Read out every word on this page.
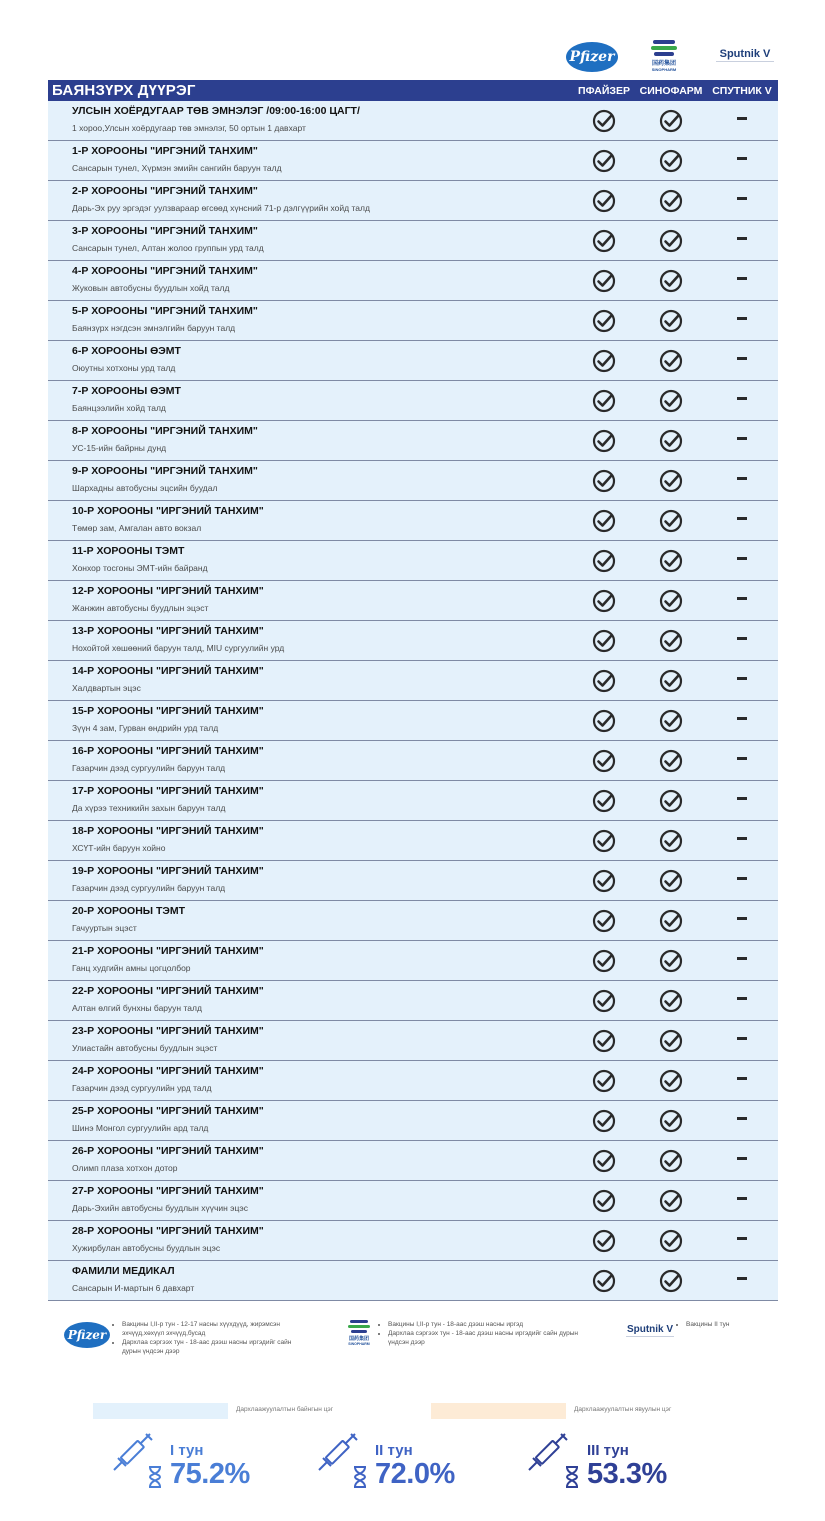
Pfizer	国药集团
SINOPHARM
Sputnik V
БАЯНЗҮРХ ДҮҮРЭГ	ПФАЙЗЕР СИНОФАРМ СПУТНИК V
УЛСЫН ХОЁРДУГААР ТӨВ ЭМНЭЛЭГ /09:00-16:00 ЦАГТ/
1 хороо,Улсын хоёрдугаар төв эмнэлэг, 50 ортын 1 давхарт
1-Р ХОРООНЫ "ИРГЭНИЙ ТАНХИМ"
Сансарын тунел, Хүрмэн эмийн сангийн баруун талд
2-Р ХОРООНЫ "ИРГЭНИЙ ТАНХИМ"
Дарь-Эх руу эргэдэг уулзвараар өгсөөд хүнсний 71-р дэлгүүрийн хойд талд
3-Р ХОРООНЫ "ИРГЭНИЙ ТАНХИМ"
Сансарын тунел, Алтан жолоо группын урд талд
4-Р ХОРООНЫ "ИРГЭНИЙ ТАНХИМ"
Жуковын автобусны буудлын хойд талд
5-Р ХОРООНЫ "ИРГЭНИЙ ТАНХИМ"
Баянзүрх нэгдсэн эмнэлгийн баруун талд
6-Р ХОРООНЫ ӨЭМТ
Оюутны хотхоны урд талд
7-Р ХОРООНЫ ӨЭМТ
Баянцээлийн хойд талд
8-Р ХОРООНЫ "ИРГЭНИЙ ТАНХИМ"
УС-15-ийн байрны дунд
9-Р ХОРООНЫ "ИРГЭНИЙ ТАНХИМ"
Шархадны автобусны эцсийн буудал
10-Р ХОРООНЫ "ИРГЭНИЙ ТАНХИМ"
Төмөр зам, Амгалан авто вокзал
11-Р ХОРООНЫ ТЭМТ
Хонхор тосгоны ЭМТ-ийн байранд
12-Р ХОРООНЫ "ИРГЭНИЙ ТАНХИМ"
Жанжин автобусны буудлын эцэст
13-Р ХОРООНЫ "ИРГЭНИЙ ТАНХИМ"
Нохойтой хөшөөний баруун талд, MIU сургуулийн урд
14-Р ХОРООНЫ "ИРГЭНИЙ ТАНХИМ"
Халдвартын эцэс
15-Р ХОРООНЫ "ИРГЭНИЙ ТАНХИМ"
Зүүн 4 зам, Гурван өндрийн урд талд
16-Р ХОРООНЫ "ИРГЭНИЙ ТАНХИМ"
Газарчин дээд сургуулийн баруун талд
17-Р ХОРООНЫ "ИРГЭНИЙ ТАНХИМ"
Да хүрээ техникийн захын баруун талд
18-Р ХОРООНЫ "ИРГЭНИЙ ТАНХИМ"
ХСҮТ-ийн баруун хойно
19-Р ХОРООНЫ "ИРГЭНИЙ ТАНХИМ"
Газарчин дээд сургуулийн баруун талд
20-Р ХОРООНЫ ТЭМТ
Гачууртын эцэст
21-Р ХОРООНЫ "ИРГЭНИЙ ТАНХИМ"
Ганц худгийн амны цогцолбор
22-Р ХОРООНЫ "ИРГЭНИЙ ТАНХИМ"
Алтан өлгий бунхны баруун талд
23-Р ХОРООНЫ "ИРГЭНИЙ ТАНХИМ"
Улиастайн автобусны буудлын эцэст
24-Р ХОРООНЫ "ИРГЭНИЙ ТАНХИМ"
Газарчин дээд сургуулийн урд талд
25-Р ХОРООНЫ "ИРГЭНИЙ ТАНХИМ"
Шинэ Монгол сургуулийн ард талд
26-Р ХОРООНЫ "ИРГЭНИЙ ТАНХИМ"
Олимп плаза хотхон дотор
27-Р ХОРООНЫ "ИРГЭНИЙ ТАНХИМ"
Дарь-Эхийн автобусны буудлын хүүчин эцэс
28-Р ХОРООНЫ "ИРГЭНИЙ ТАНХИМ"
Хужирбулан автобусны буудлын эцэс
ФАМИЛИ МЕДИКАЛ
Сансарын И-мартын 6 давхарт
Pfizer
• Вакцины I,II-р тун - 12-17 насны хүүхдүүд, жирэмсэн эхчүүд,хөхүүл эхчүүд,бусад
• Дархлаа сэргээх тун - 18-аас дээш насны иргэдийг сайн дурын үндсэн дээр
国药集团
SINOPHARM
• Вакцины I,II-р тун - 18-аас дээш насны иргэд
• Дархлаа сэргээх тун - 18-аас дээш насны иргэдийг сайн дурын үндсэн дээр
Sputnik V
•	Вакцины II тун
Дархлаажуулалтын байнгын цэг	Дархлаажуулалтын явуулын цэг
I тун
75.2%
II тун
72.0%
III тун
53.3%
